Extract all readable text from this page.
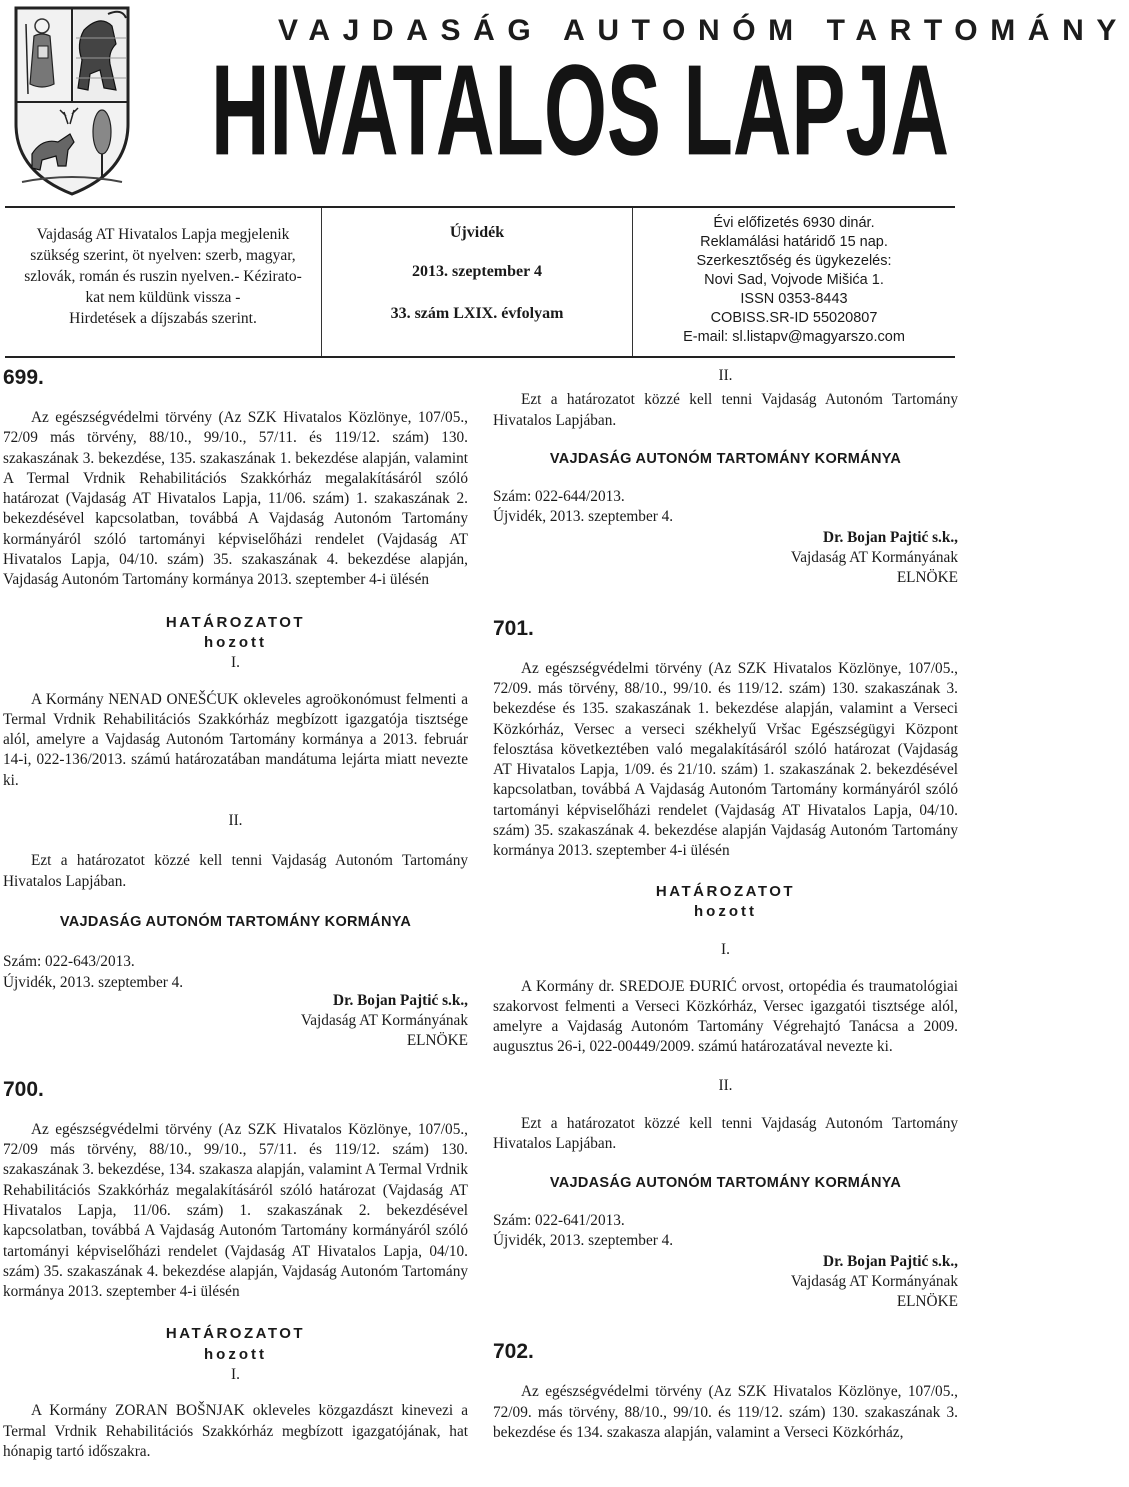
VAJDASÁG AUTONÓM TARTOMÁNY
HIVATALOS LAPJA
Vajdaság AT Hivatalos Lapja megjelenik
szükség szerint, öt nyelven: szerb, magyar,
szlovák, román és ruszin nyelven.- Kézirato-
kat nem küldünk vissza -
Hirdetések a díjszabás szerint.
Újvidék
2013. szeptember 4
33. szám LXIX. évfolyam
Évi előfizetés 6930 dinár.
Reklamálási határidő 15 nap.
Szerkesztőség és ügykezelés:
Novi Sad, Vojvode Mišića 1.
ISSN 0353-8443
COBISS.SR-ID 55020807
E-mail: sl.listapv@magyarszo.com
699.

Az egészségvédelmi törvény (Az SZK Hivatalos Közlönye, 107/05., 72/09 más törvény, 88/10., 99/10., 57/11. és 119/12. szám) 130. szakaszának 3. bekezdése, 135. szakaszának 1. bekezdése alapján, valamint A Termal Vrdnik Rehabilitációs Szakkórház megalakításáról szóló határozat (Vajdaság AT Hivatalos Lapja, 11/06. szám) 1. szakaszának 2. bekezdésével kapcsolatban, továbbá A Vajdaság Autonóm Tartomány kormányáról szóló tartományi képviselőházi rendelet (Vajdaság AT Hivatalos Lapja, 04/10. szám) 35. szakaszának 4. bekezdése alapján, Vajdaság Autonóm Tartomány kormánya 2013. szeptember 4-i ülésén

HATÁROZATOT
hozott
I.

A Kormány NENAD ONEŠĆUK okleveles agroökonómust felmenti a Termal Vrdnik Rehabilitációs Szakkórház megbízott igazgatója tisztsége alól, amelyre a Vajdaság Autonóm Tartomány kormánya a 2013. február 14-i, 022-136/2013. számú határozatában mandátuma lejárta miatt nevezte ki.

II.

Ezt a határozatot közzé kell tenni Vajdaság Autonóm Tartomány Hivatalos Lapjában.

VAJDASÁG AUTONÓM TARTOMÁNY KORMÁNYA
Szám: 022-643/2013.
Újvidék, 2013. szeptember 4.
Dr. Bojan Pajtić s.k.,
Vajdaság AT Kormányának
ELNÖKE
700.

Az egészségvédelmi törvény (Az SZK Hivatalos Közlönye, 107/05., 72/09 más törvény, 88/10., 99/10., 57/11. és 119/12. szám) 130. szakaszának 3. bekezdése, 134. szakasza alapján, valamint A Termal Vrdnik Rehabilitációs Szakkórház megalakításáról szóló határozat (Vajdaság AT Hivatalos Lapja, 11/06. szám) 1. szakaszának 2. bekezdésével kapcsolatban, továbbá A Vajdaság Autonóm Tartomány kormányáról szóló tartományi képviselőházi rendelet (Vajdaság AT Hivatalos Lapja, 04/10. szám) 35. szakaszának 4. bekezdése alapján, Vajdaság Autonóm Tartomány kormánya 2013. szeptember 4-i ülésén

HATÁROZATOT
hozott
I.

A Kormány ZORAN BOŠNJAK okleveles közgazdászt kinevezi a Termal Vrdnik Rehabilitációs Szakkórház megbízott igazgatójának, hat hónapig tartó időszakra.

II.

Ezt a határozatot közzé kell tenni Vajdaság Autonóm Tartomány Hivatalos Lapjában.

VAJDASÁG AUTONÓM TARTOMÁNY KORMÁNYA
Szám: 022-644/2013.
Újvidék, 2013. szeptember 4.
Dr. Bojan Pajtić s.k.,
Vajdaság AT Kormányának
ELNÖKE
701.

Az egészségvédelmi törvény (Az SZK Hivatalos Közlönye, 107/05., 72/09. más törvény, 88/10., 99/10. és 119/12. szám) 130. szakaszának 3. bekezdése és 135. szakaszának 1. bekezdése alapján, valamint a Verseci Közkórház, Versec a verseci székhelyű Vršac Egészségügyi Központ felosztása következtében való megalakításáról szóló határozat (Vajdaság AT Hivatalos Lapja, 1/09. és 21/10. szám) 1. szakaszának 2. bekezdésével kapcsolatban, továbbá A Vajdaság Autonóm Tartomány kormányáról szóló tartományi képviselőházi rendelet (Vajdaság AT Hivatalos Lapja, 04/10. szám) 35. szakaszának 4. bekezdése alapján Vajdaság Autonóm Tartomány kormánya 2013. szeptember 4-i ülésén

HATÁROZATOT
hozott
I.

A Kormány dr. SREDOJE ĐURIĆ orvost, ortopédia és traumatológiai szakorvost felmenti a Verseci Közkórház, Versec igazgatói tisztsége alól, amelyre a Vajdaság Autonóm Tartomány Végrehajtó Tanácsa a 2009. augusztus 26-i, 022-00449/2009. számú határozatával nevezte ki.

II.

Ezt a határozatot közzé kell tenni Vajdaság Autonóm Tartomány Hivatalos Lapjában.

VAJDASÁG AUTONÓM TARTOMÁNY KORMÁNYA
Szám: 022-641/2013.
Újvidék, 2013. szeptember 4.
Dr. Bojan Pajtić s.k.,
Vajdaság AT Kormányának
ELNÖKE
702.

Az egészségvédelmi törvény (Az SZK Hivatalos Közlönye, 107/05., 72/09. más törvény, 88/10., 99/10. és 119/12. szám) 130. szakaszának 3. bekezdése és 134. szakasza alapján, valamint a Verseci Közkórház,
